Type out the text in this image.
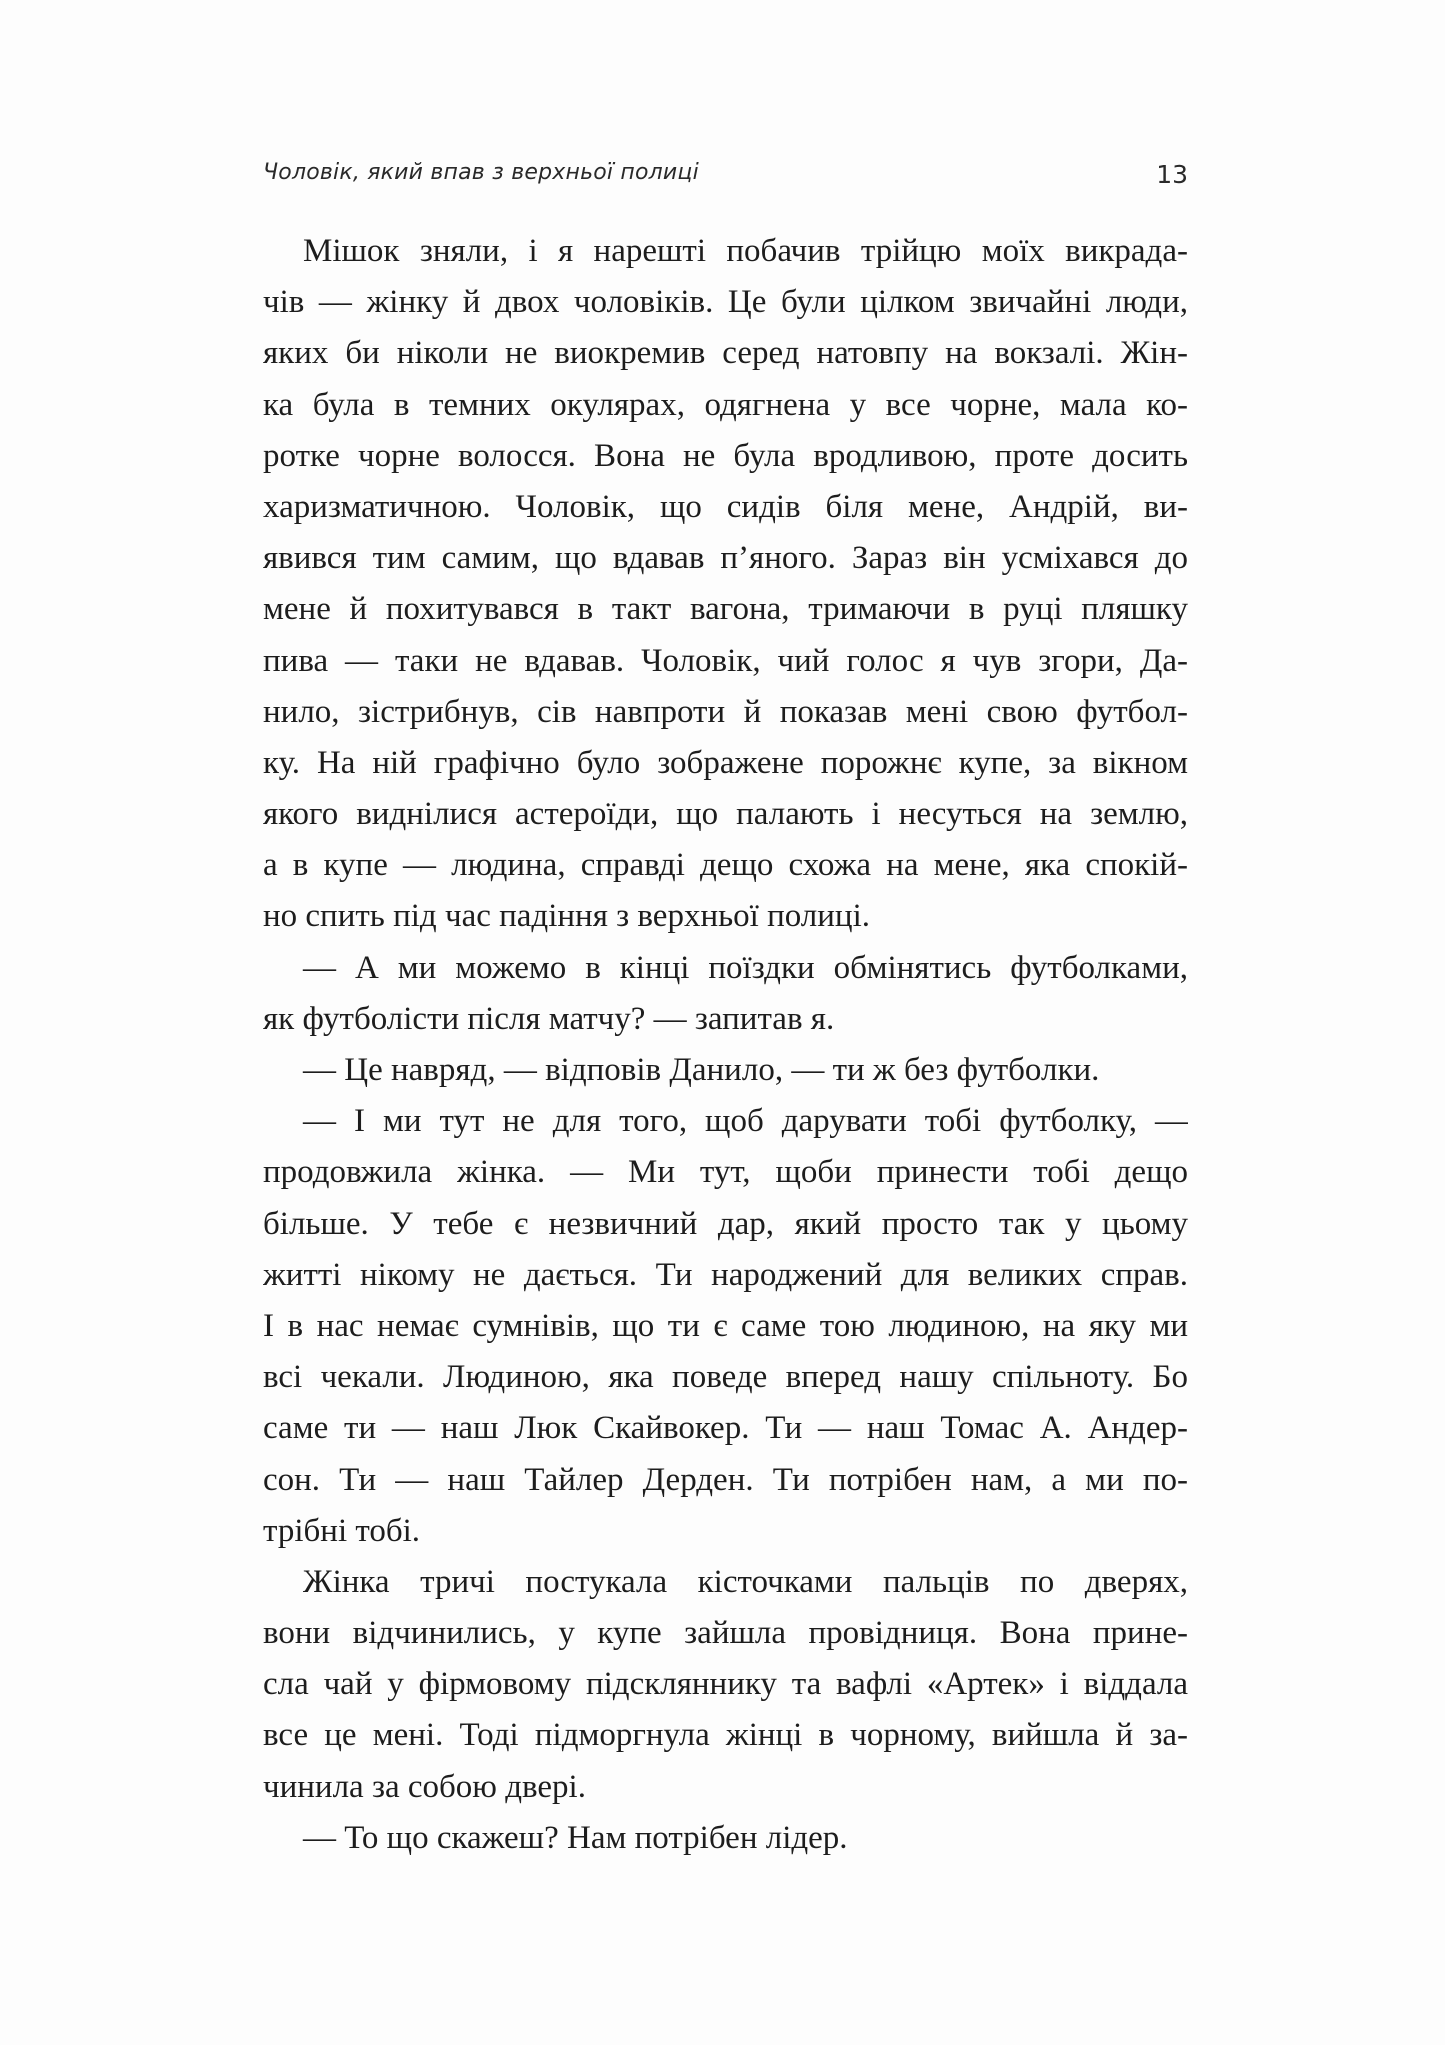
Чоловік, який впав з верхньої полиці	13
Мішок зняли, і я нарешті побачив трійцю моїх викрада-
чів — жінку й двох чоловіків. Це були цілком звичайні люди,
яких би ніколи не виокремив серед натовпу на вокзалі. Жін-
ка була в темних окулярах, одягнена у все чорне, мала ко-
ротке чорне волосся. Вона не була вродливою, проте досить
харизматичною. Чоловік, що сидів біля мене, Андрій, ви-
явився тим самим, що вдавав п’яного. Зараз він усміхався до
мене й похитувався в такт вагона, тримаючи в руці пляшку
пива — таки не вдавав. Чоловік, чий голос я чув згори, Да-
нило, зістрибнув, сів навпроти й показав мені свою футбол-
ку. На ній графічно було зображене порожнє купе, за вікном
якого виднілися астероїди, що палають і несуться на землю,
а в купе — людина, справді дещо схожа на мене, яка спокій-
но спить під час падіння з верхньої полиці.
— А ми можемо в кінці поїздки обмінятись футболками,
як футболісти після матчу? — запитав я.
— Це навряд, — відповів Данило, — ти ж без футболки.
— І ми тут не для того, щоб дарувати тобі футболку, —
продовжила жінка. — Ми тут, щоби принести тобі дещо
більше. У тебе є незвичний дар, який просто так у цьому
житті нікому не дається. Ти народжений для великих справ.
І в нас немає сумнівів, що ти є саме тою людиною, на яку ми
всі чекали. Людиною, яка поведе вперед нашу спільноту. Бо
саме ти — наш Люк Скайвокер. Ти — наш Томас А. Андер-
сон. Ти — наш Тайлер Дерден. Ти потрібен нам, а ми по-
трібні тобі.
Жінка тричі постукала кісточками пальців по дверях,
вони відчинились, у купе зайшла провідниця. Вона прине-
сла чай у фірмовому підскляннику та вафлі «Артек» і віддала
все це мені. Тоді підморгнула жінці в чорному, вийшла й за-
чинила за собою двері.
— То що скажеш? Нам потрібен лідер.
